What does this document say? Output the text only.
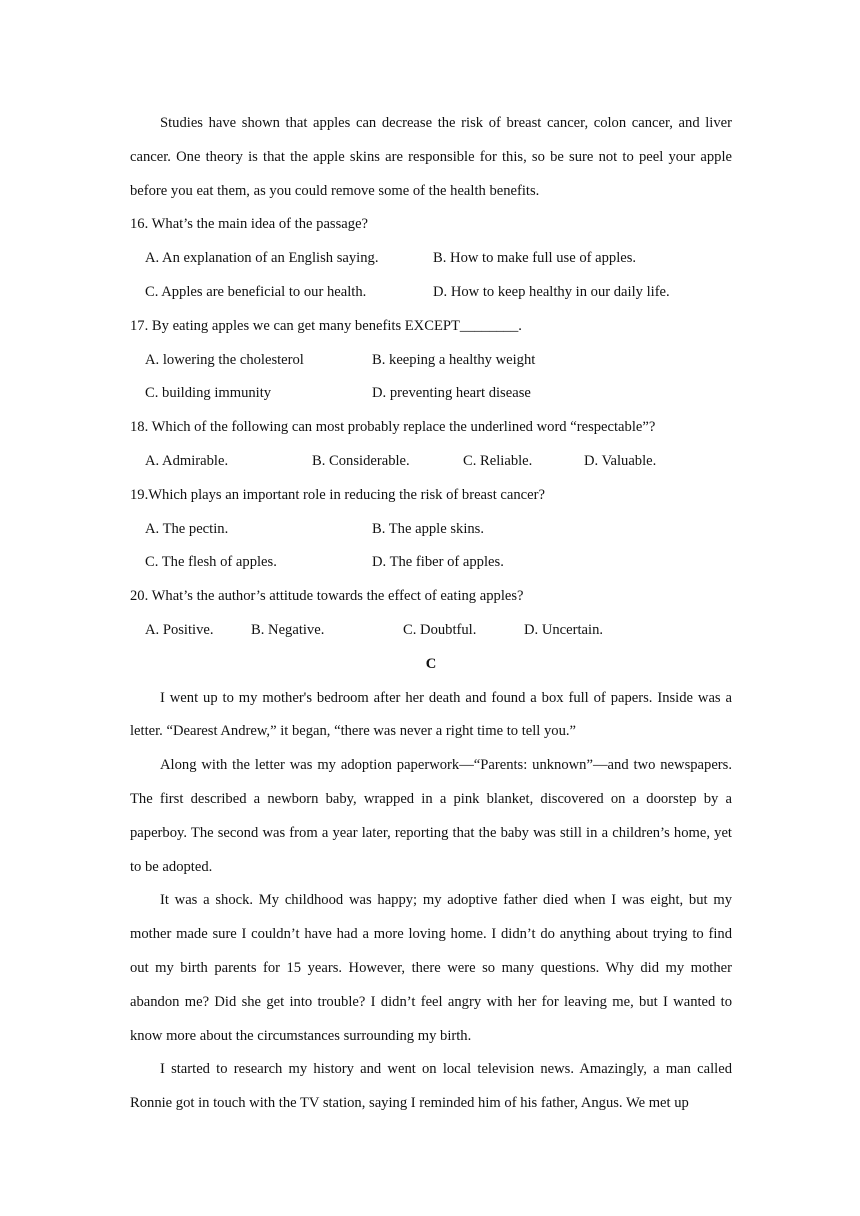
Studies have shown that apples can decrease the risk of breast cancer, colon cancer, and liver cancer. One theory is that the apple skins are responsible for this, so be sure not to peel your apple before you eat them, as you could remove some of the health benefits.

16. What’s the main idea of the passage?

A. An explanation of an English saying.	B. How to make full use of apples.
C. Apples are beneficial to our health.	D. How to keep healthy in our daily life.

17. By eating apples we can get many benefits EXCEPT________.

A. lowering the cholesterol	B. keeping a healthy weight
C. building immunity	D. preventing heart disease

18. Which of the following can most probably replace the underlined word “respectable”?

A. Admirable.	B. Considerable.	C. Reliable.	D. Valuable.

19.Which plays an important role in reducing the risk of breast cancer?

A. The pectin.	B. The apple skins.
C. The flesh of apples.	D. The fiber of apples.

20. What’s the author’s attitude towards the effect of eating apples?

A. Positive.	B. Negative.	C. Doubtful.	D. Uncertain.

C

I went up to my mother's bedroom after her death and found a box full of papers. Inside was a letter. “Dearest Andrew,” it began, “there was never a right time to tell you.”

Along with the letter was my adoption paperwork—“Parents: unknown”—and two newspapers. The first described a newborn baby, wrapped in a pink blanket, discovered on a doorstep by a paperboy. The second was from a year later, reporting that the baby was still in a children’s home, yet to be adopted.

It was a shock. My childhood was happy; my adoptive father died when I was eight, but my mother made sure I couldn’t have had a more loving home. I didn’t do anything about trying to find out my birth parents for 15 years. However, there were so many questions. Why did my mother abandon me? Did she get into trouble? I didn’t feel angry with her for leaving me, but I wanted to know more about the circumstances surrounding my birth.

I started to research my history and went on local television news. Amazingly, a man called Ronnie got in touch with the TV station, saying I reminded him of his father, Angus. We met up
